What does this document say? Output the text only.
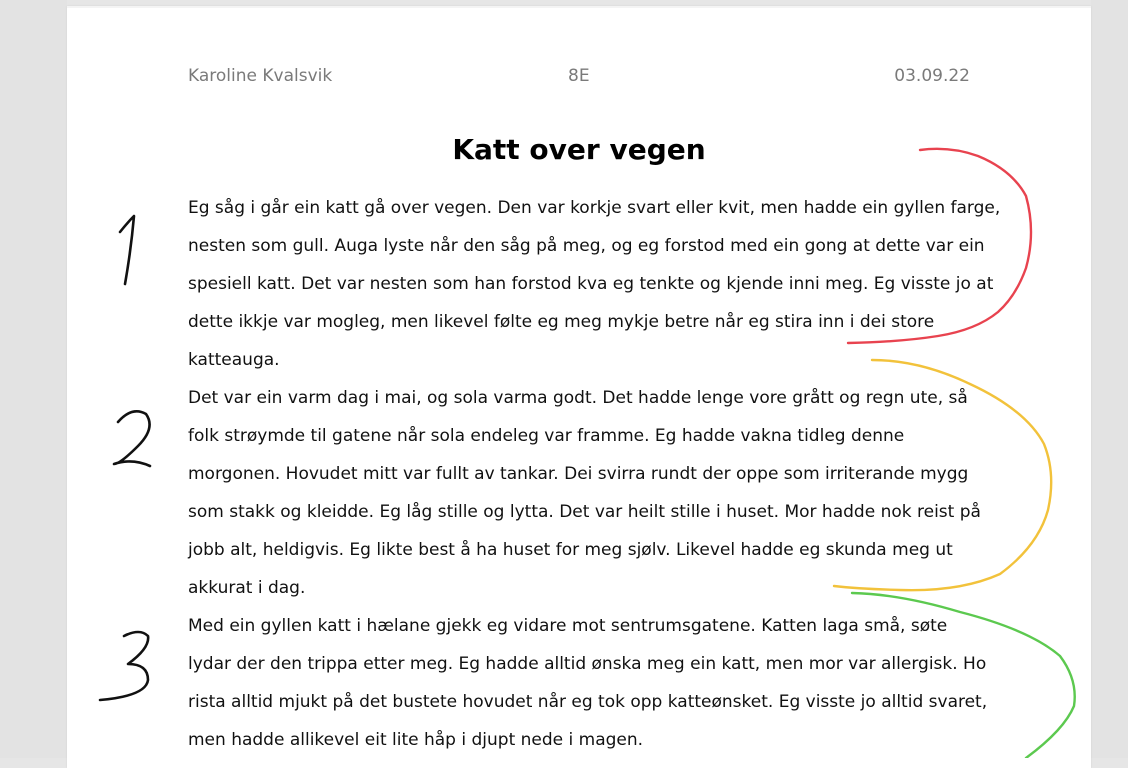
Karoline Kvalsvik	8E	03.09.22
Katt over vegen

Eg såg i går ein katt gå over vegen. Den var korkje svart eller kvit, men hadde ein gyllen farge,
nesten som gull. Auga lyste når den såg på meg, og eg forstod med ein gong at dette var ein
spesiell katt. Det var nesten som han forstod kva eg tenkte og kjende inni meg. Eg visste jo at
dette ikkje var mogleg, men likevel følte eg meg mykje betre når eg stira inn i dei store
katteauga.

Det var ein varm dag i mai, og sola varma godt. Det hadde lenge vore grått og regn ute, så
folk strøymde til gatene når sola endeleg var framme. Eg hadde vakna tidleg denne
morgonen. Hovudet mitt var fullt av tankar. Dei svirra rundt der oppe som irriterande mygg
som stakk og kleidde. Eg låg stille og lytta. Det var heilt stille i huset. Mor hadde nok reist på
jobb alt, heldigvis. Eg likte best å ha huset for meg sjølv. Likevel hadde eg skunda meg ut
akkurat i dag.

Med ein gyllen katt i hælane gjekk eg vidare mot sentrumsgatene. Katten laga små, søte
lydar der den trippa etter meg. Eg hadde alltid ønska meg ein katt, men mor var allergisk. Ho
rista alltid mjukt på det bustete hovudet når eg tok opp katteønsket. Eg visste jo alltid svaret,
men hadde allikevel eit lite håp i djupt nede i magen.
